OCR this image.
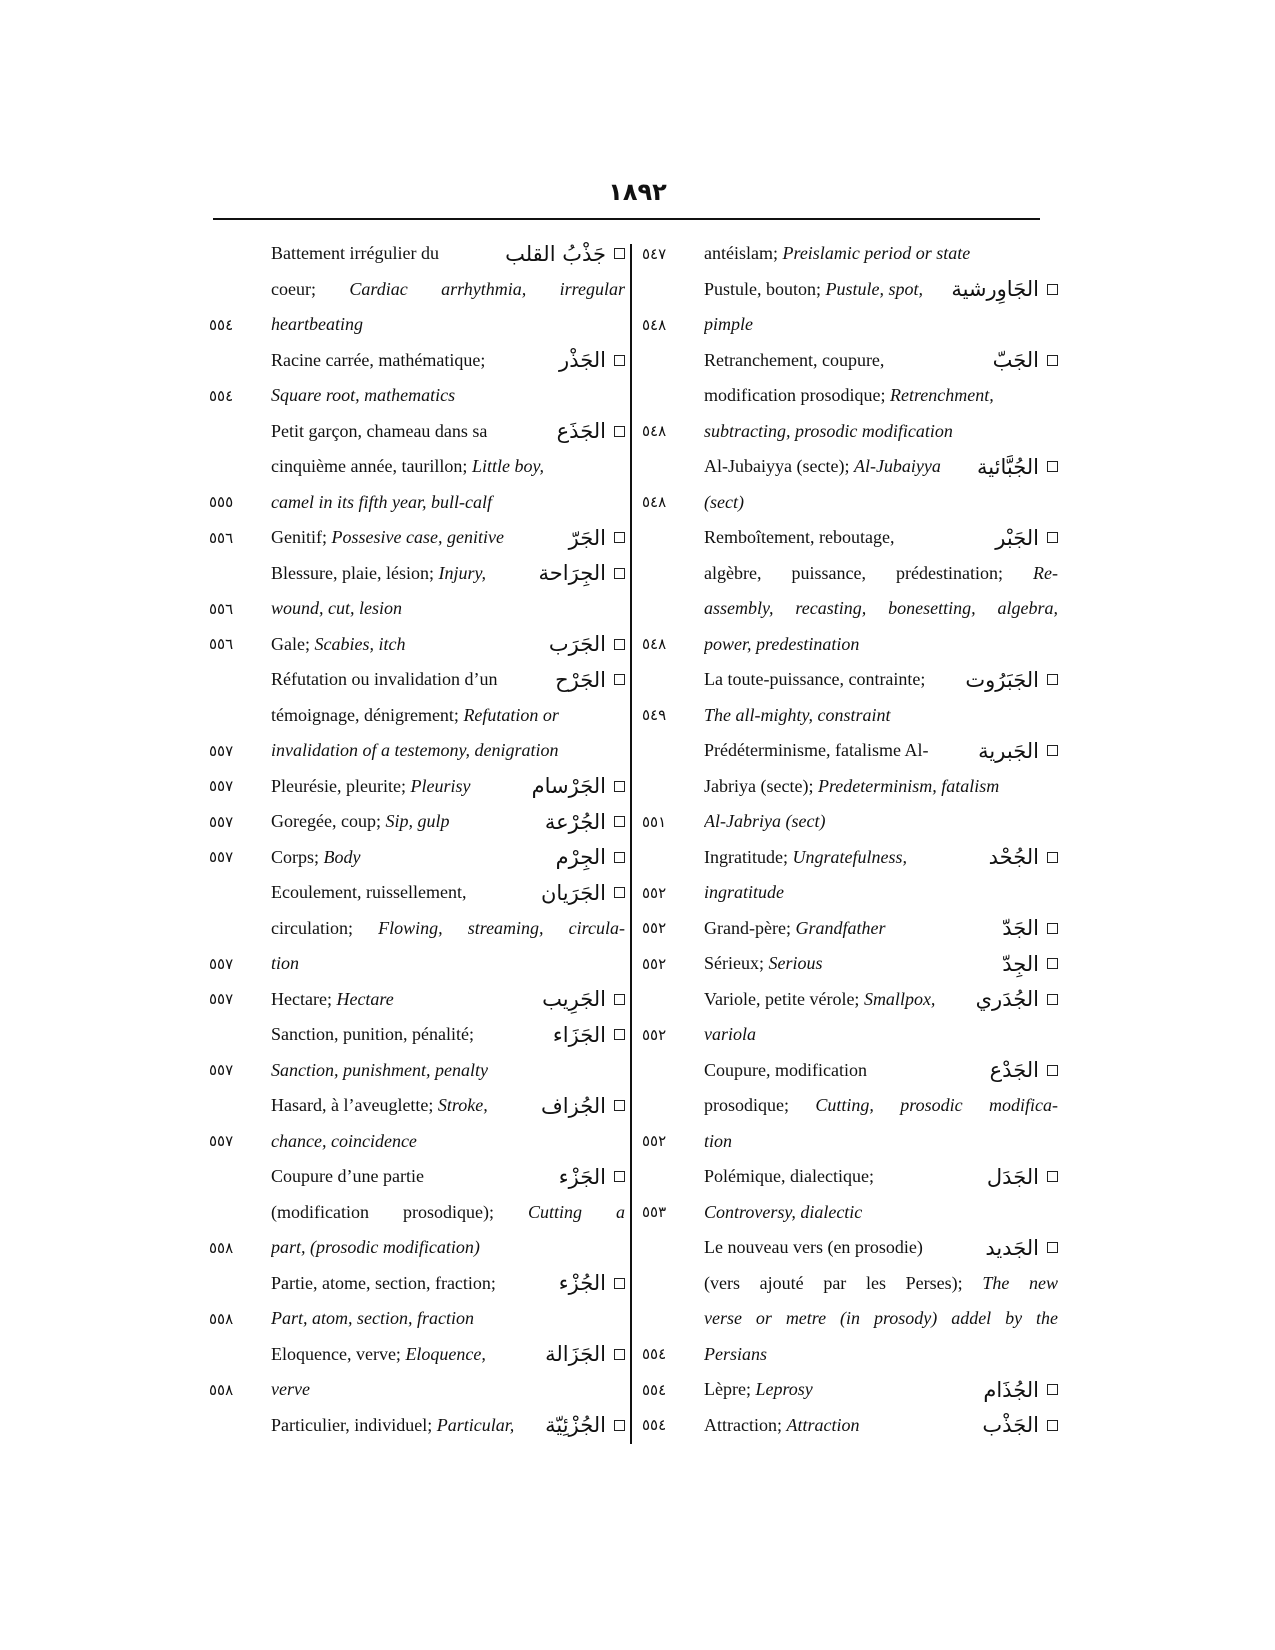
١٨٩٢
Battement irrégulier du	جَذْبُ القلب
coeur; Cardiac arrhythmia, irregular
٥٥٤	heartbeating
Racine carrée, mathématique;	الجَذْر
٥٥٤	Square root, mathematics
Petit garçon, chameau dans sa	الجَذَع
cinquième année, taurillon; Little boy,
٥٥٥	camel in its fifth year, bull-calf
٥٥٦	Genitif; Possesive case, genitive	الجَرّ
Blessure, plaie, lésion; Injury,	الجِرَاحة
٥٥٦	wound, cut, lesion
٥٥٦	Gale; Scabies, itch	الجَرَب
Réfutation ou invalidation d’un	الجَرْح
témoignage, dénigrement; Refutation or
٥٥٧	invalidation of a testemony, denigration
٥٥٧	Pleurésie, pleurite; Pleurisy	الجَرْسام
٥٥٧	Goregée, coup; Sip, gulp	الجُرْعة
٥٥٧	Corps; Body	الجِرْم
Ecoulement, ruissellement,	الجَرَيان
circulation; Flowing, streaming, circula-
٥٥٧	tion
٥٥٧	Hectare; Hectare	الجَرِيب
Sanction, punition, pénalité;	الجَزَاء
٥٥٧	Sanction, punishment, penalty
Hasard, à l’aveuglette; Stroke,	الجُزاف
٥٥٧	chance, coincidence
Coupure d’une partie	الجَزْء
(modification prosodique); Cutting a
٥٥٨	part, (prosodic modification)
Partie, atome, section, fraction;	الجُزْء
٥٥٨	Part, atom, section, fraction
Eloquence, verve; Eloquence,	الجَزَالة
٥٥٨	verve
Particulier, individuel; Particular,	الجُزْئِيّة
٥٤٧	antéislam; Preislamic period or state
Pustule, bouton; Pustule, spot,	الجَاوِرشية
٥٤٨	pimple
Retranchement, coupure,	الجَبّ
modification prosodique; Retrenchment,
٥٤٨	subtracting, prosodic modification
Al-Jubaiyya (secte); Al-Jubaiyya	الجُبَّائية
٥٤٨	(sect)
Remboîtement, reboutage,	الجَبْر
algèbre, puissance, prédestination; Re-
assembly, recasting, bonesetting, algebra,
٥٤٨	power, predestination
La toute-puissance, contrainte;	الجَبَرُوت
٥٤٩	The all-mighty, constraint
Prédéterminisme, fatalisme Al-	الجَبرية
Jabriya (secte); Predeterminism, fatalism
٥٥١	Al-Jabriya (sect)
Ingratitude; Ungratefulness,	الجُحْد
٥٥٢	ingratitude
٥٥٢	Grand-père; Grandfather	الجَدّ
٥٥٢	Sérieux; Serious	الجِدّ
Variole, petite vérole; Smallpox,	الجُدَري
٥٥٢	variola
Coupure, modification	الجَدْع
prosodique; Cutting, prosodic modifica-
٥٥٢	tion
Polémique, dialectique;	الجَدَل
٥٥٣	Controversy, dialectic
Le nouveau vers (en prosodie)	الجَديد
(vers ajouté par les Perses); The new
verse or metre (in prosody) addel by the
٥٥٤	Persians
٥٥٤	Lèpre; Leprosy	الجُذَام
٥٥٤	Attraction; Attraction	الجَذْب
